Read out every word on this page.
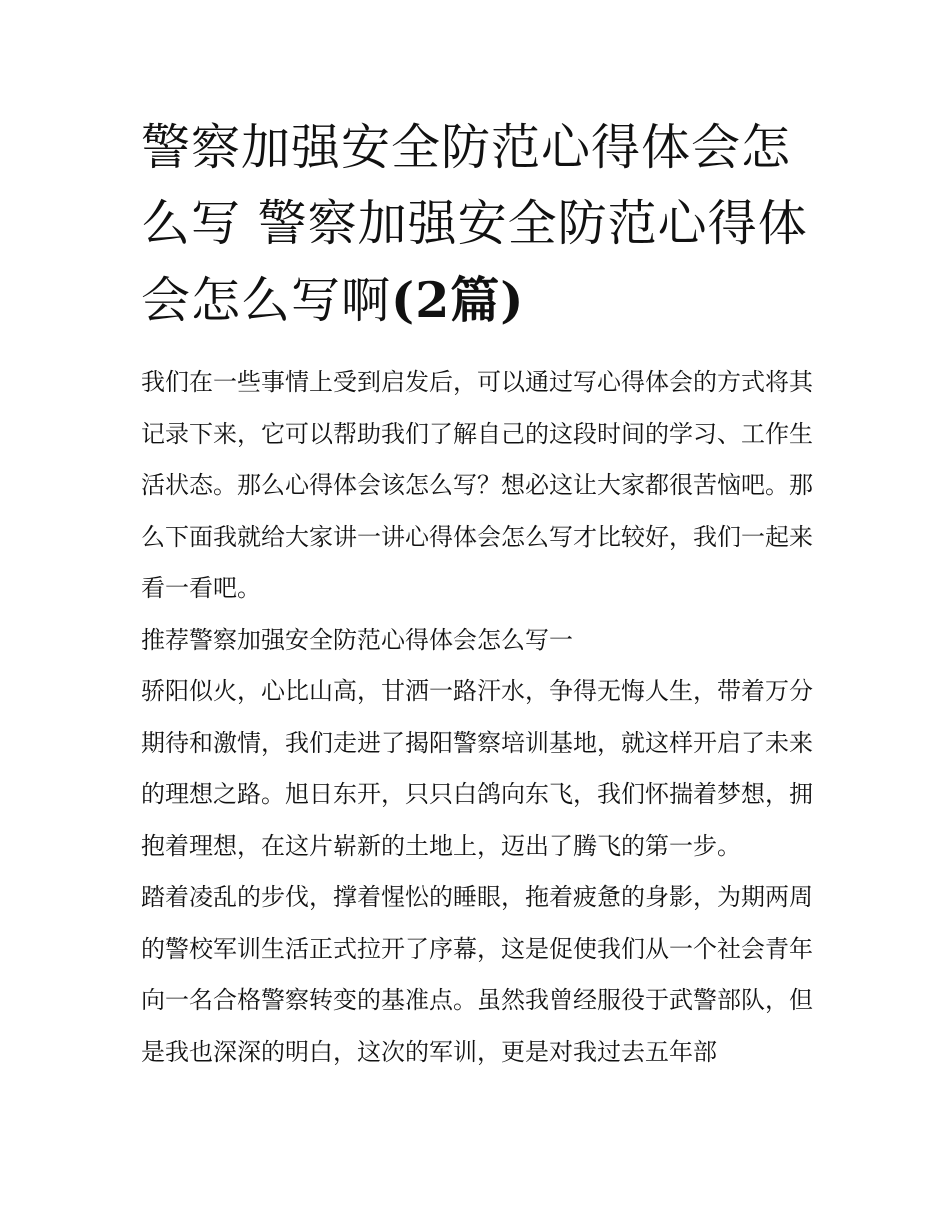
警察加强安全防范心得体会怎么写 警察加强安全防范心得体会怎么写啊(2篇)

我们在一些事情上受到启发后，可以通过写心得体会的方式将其记录下来，它可以帮助我们了解自己的这段时间的学习、工作生活状态。那么心得体会该怎么写？想必这让大家都很苦恼吧。那么下面我就给大家讲一讲心得体会怎么写才比较好，我们一起来看一看吧。

推荐警察加强安全防范心得体会怎么写一

骄阳似火，心比山高，甘洒一路汗水，争得无悔人生，带着万分期待和激情，我们走进了揭阳警察培训基地，就这样开启了未来的理想之路。旭日东开，只只白鸽向东飞，我们怀揣着梦想，拥抱着理想，在这片崭新的土地上，迈出了腾飞的第一步。

踏着凌乱的步伐，撑着惺忪的睡眼，拖着疲惫的身影，为期两周的警校军训生活正式拉开了序幕，这是促使我们从一个社会青年向一名合格警察转变的基准点。虽然我曾经服役于武警部队，但是我也深深的明白，这次的军训，更是对我过去五年部
